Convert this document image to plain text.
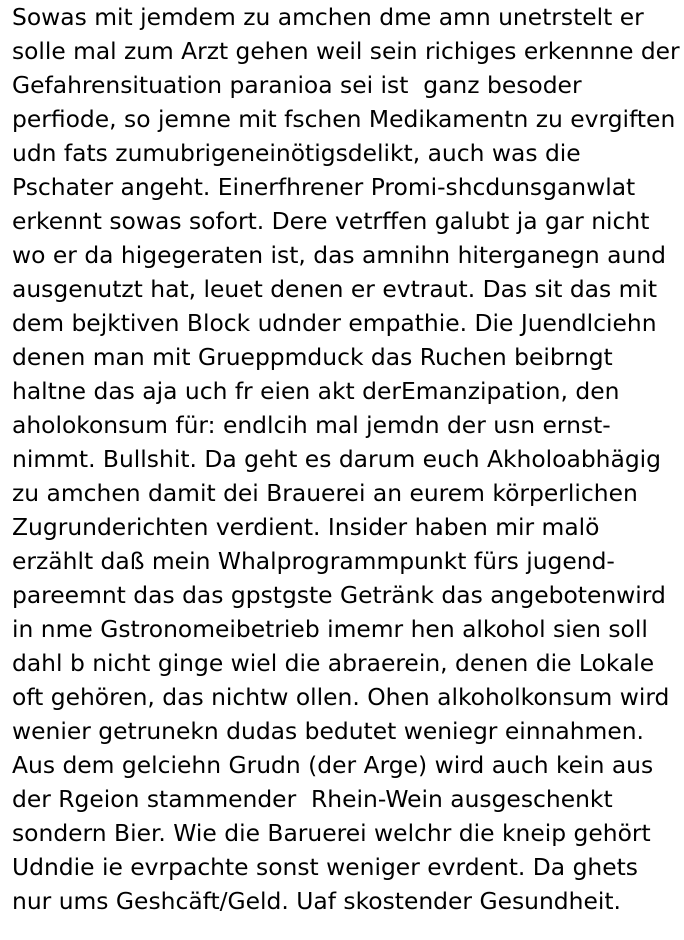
Sowas mit jemdem zu amchen dme amn unetrstelt er
solle mal zum Arzt gehen weil sein richiges erkennne der
Gefahrensituation paranioa sei ist  ganz besoder
perfiode, so jemne mit fschen Medikamentn zu evrgiften
udn fats zumubrigeneinötigsdelikt, auch was die
Pschater angeht. Einerfhrener Promi-shcdunsganwlat
erkennt sowas sofort. Dere vetrffen galubt ja gar nicht
wo er da higegeraten ist, das amnihn hiterganegn aund
ausgenutzt hat, leuet denen er evtraut. Das sit das mit
dem bejktiven Block udnder empathie. Die Juendlciehn
denen man mit Grueppmduck das Ruchen beibrngt
haltne das aja uch fr eien akt derEmanzipation, den
aholokonsum für: endlcih mal jemdn der usn ernst-
nimmt. Bullshit. Da geht es darum euch Akholoabhägig
zu amchen damit dei Brauerei an eurem körperlichen
Zugrunderichten verdient. Insider haben mir malö
erzählt daß mein Whalprogrammpunkt fürs jugend-
pareemnt das das gpstgste Getränk das angebotenwird
in nme Gstronomeibetrieb imemr hen alkohol sien soll
dahl b nicht ginge wiel die abraerein, denen die Lokale
oft gehören, das nichtw ollen. Ohen alkoholkonsum wird
wenier getrunekn dudas bedutet weniegr einnahmen.
Aus dem gelciehn Grudn (der Arge) wird auch kein aus
der Rgeion stammender  Rhein-Wein ausgeschenkt
sondern Bier. Wie die Baruerei welchr die kneip gehört
Udndie ie evrpachte sonst weniger evrdent. Da ghets
nur ums Geshcäft/Geld. Uaf skostender Gesundheit.
